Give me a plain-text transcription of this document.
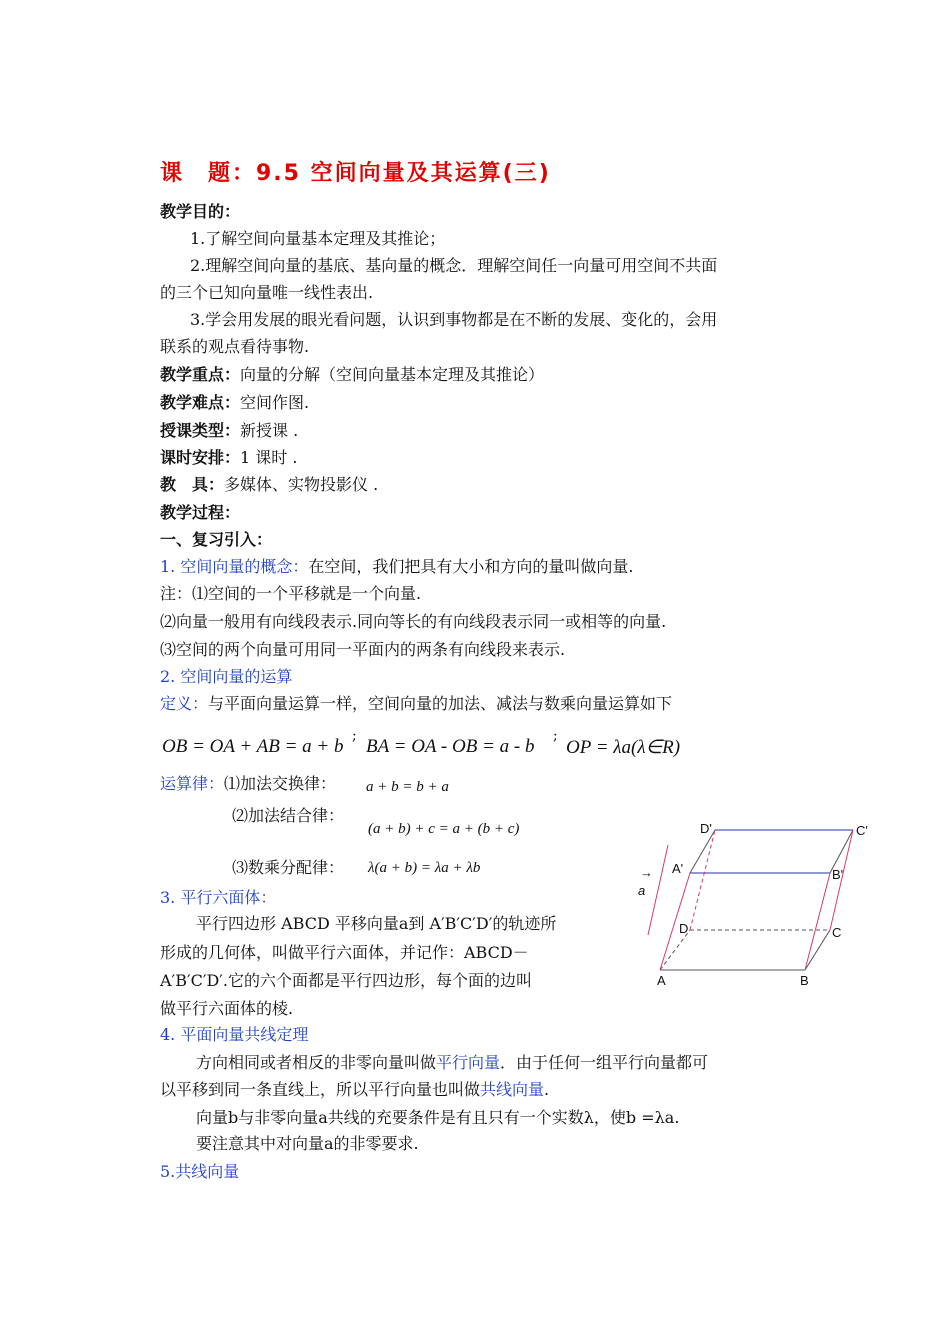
课　题：9.5 空间向量及其运算(三)
教学目的：
1.了解空间向量基本定理及其推论；
2.理解空间向量的基底、基向量的概念．理解空间任一向量可用空间不共面
的三个已知向量唯一线性表出.
3.学会用发展的眼光看问题，认识到事物都是在不断的发展、变化的，会用
联系的观点看待事物.
教学重点：向量的分解（空间向量基本定理及其推论）
教学难点：空间作图.
授课类型：新授课 .
课时安排：1 课时 .
教　具：多媒体、实物投影仪 .
教学过程：
一、复习引入：
1. 空间向量的概念：在空间，我们把具有大小和方向的量叫做向量.
注：⑴空间的一个平移就是一个向量.
⑵向量一般用有向线段表示.同向等长的有向线段表示同一或相等的向量.
⑶空间的两个向量可用同一平面内的两条有向线段来表示.
2. 空间向量的运算
定义：与平面向量运算一样，空间向量的加法、减法与数乘向量运算如下
OB = OA + AB = a + b ; BA = OA - OB = a - b ;
OP = λa(λ∈R)
运算律：⑴加法交换律： a + b = b + a
⑵加法结合律：
(a + b) + c = a + (b + c)
⑶数乘分配律： λ(a + b) = λa + λb
3. 平行六面体：
平行四边形 ABCD 平移向量a到 A′B′C′D′的轨迹所
形成的几何体，叫做平行六面体，并记作：ABCD－
A′B′C′D′.它的六个面都是平行四边形，每个面的边叫
做平行六面体的棱.
A	B
C
D
A'	B'
C'
D'
a
→
4. 平面向量共线定理
方向相同或者相反的非零向量叫做平行向量．由于任何一组平行向量都可
以平移到同一条直线上，所以平行向量也叫做共线向量.
向量b与非零向量a共线的充要条件是有且只有一个实数λ，使b =λa.
要注意其中对向量a的非零要求.
5.共线向量
